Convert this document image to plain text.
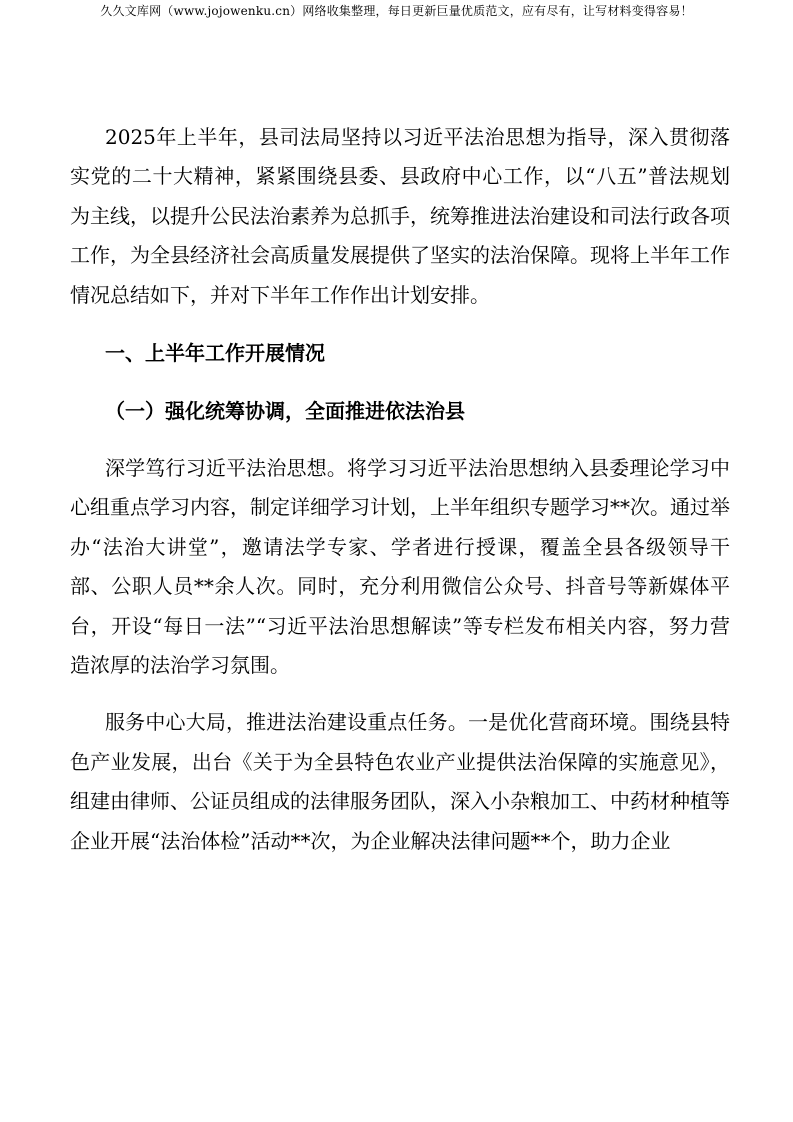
久久文库网（www.jojowenku.cn）网络收集整理，每日更新巨量优质范文，应有尽有，让写材料变得容易！

2025年上半年，县司法局坚持以习近平法治思想为指导，深入贯彻落实党的二十大精神，紧紧围绕县委、县政府中心工作，以“八五”普法规划为主线，以提升公民法治素养为总抓手，统筹推进法治建设和司法行政各项工作，为全县经济社会高质量发展提供了坚实的法治保障。现将上半年工作情况总结如下，并对下半年工作作出计划安排。

一、上半年工作开展情况
（一）强化统筹协调，全面推进依法治县

深学笃行习近平法治思想。将学习习近平法治思想纳入县委理论学习中心组重点学习内容，制定详细学习计划，上半年组织专题学习**次。通过举办“法治大讲堂”，邀请法学专家、学者进行授课，覆盖全县各级领导干部、公职人员**余人次。同时，充分利用微信公众号、抖音号等新媒体平台，开设“每日一法”“习近平法治思想解读”等专栏发布相关内容，努力营造浓厚的法治学习氛围。

服务中心大局，推进法治建设重点任务。一是优化营商环境。围绕县特色产业发展，出台《关于为全县特色农业产业提供法治保障的实施意见》，组建由律师、公证员组成的法律服务团队，深入小杂粮加工、中药材种植等企业开展“法治体检”活动**次，为企业解决法律问题**个，助力企业
